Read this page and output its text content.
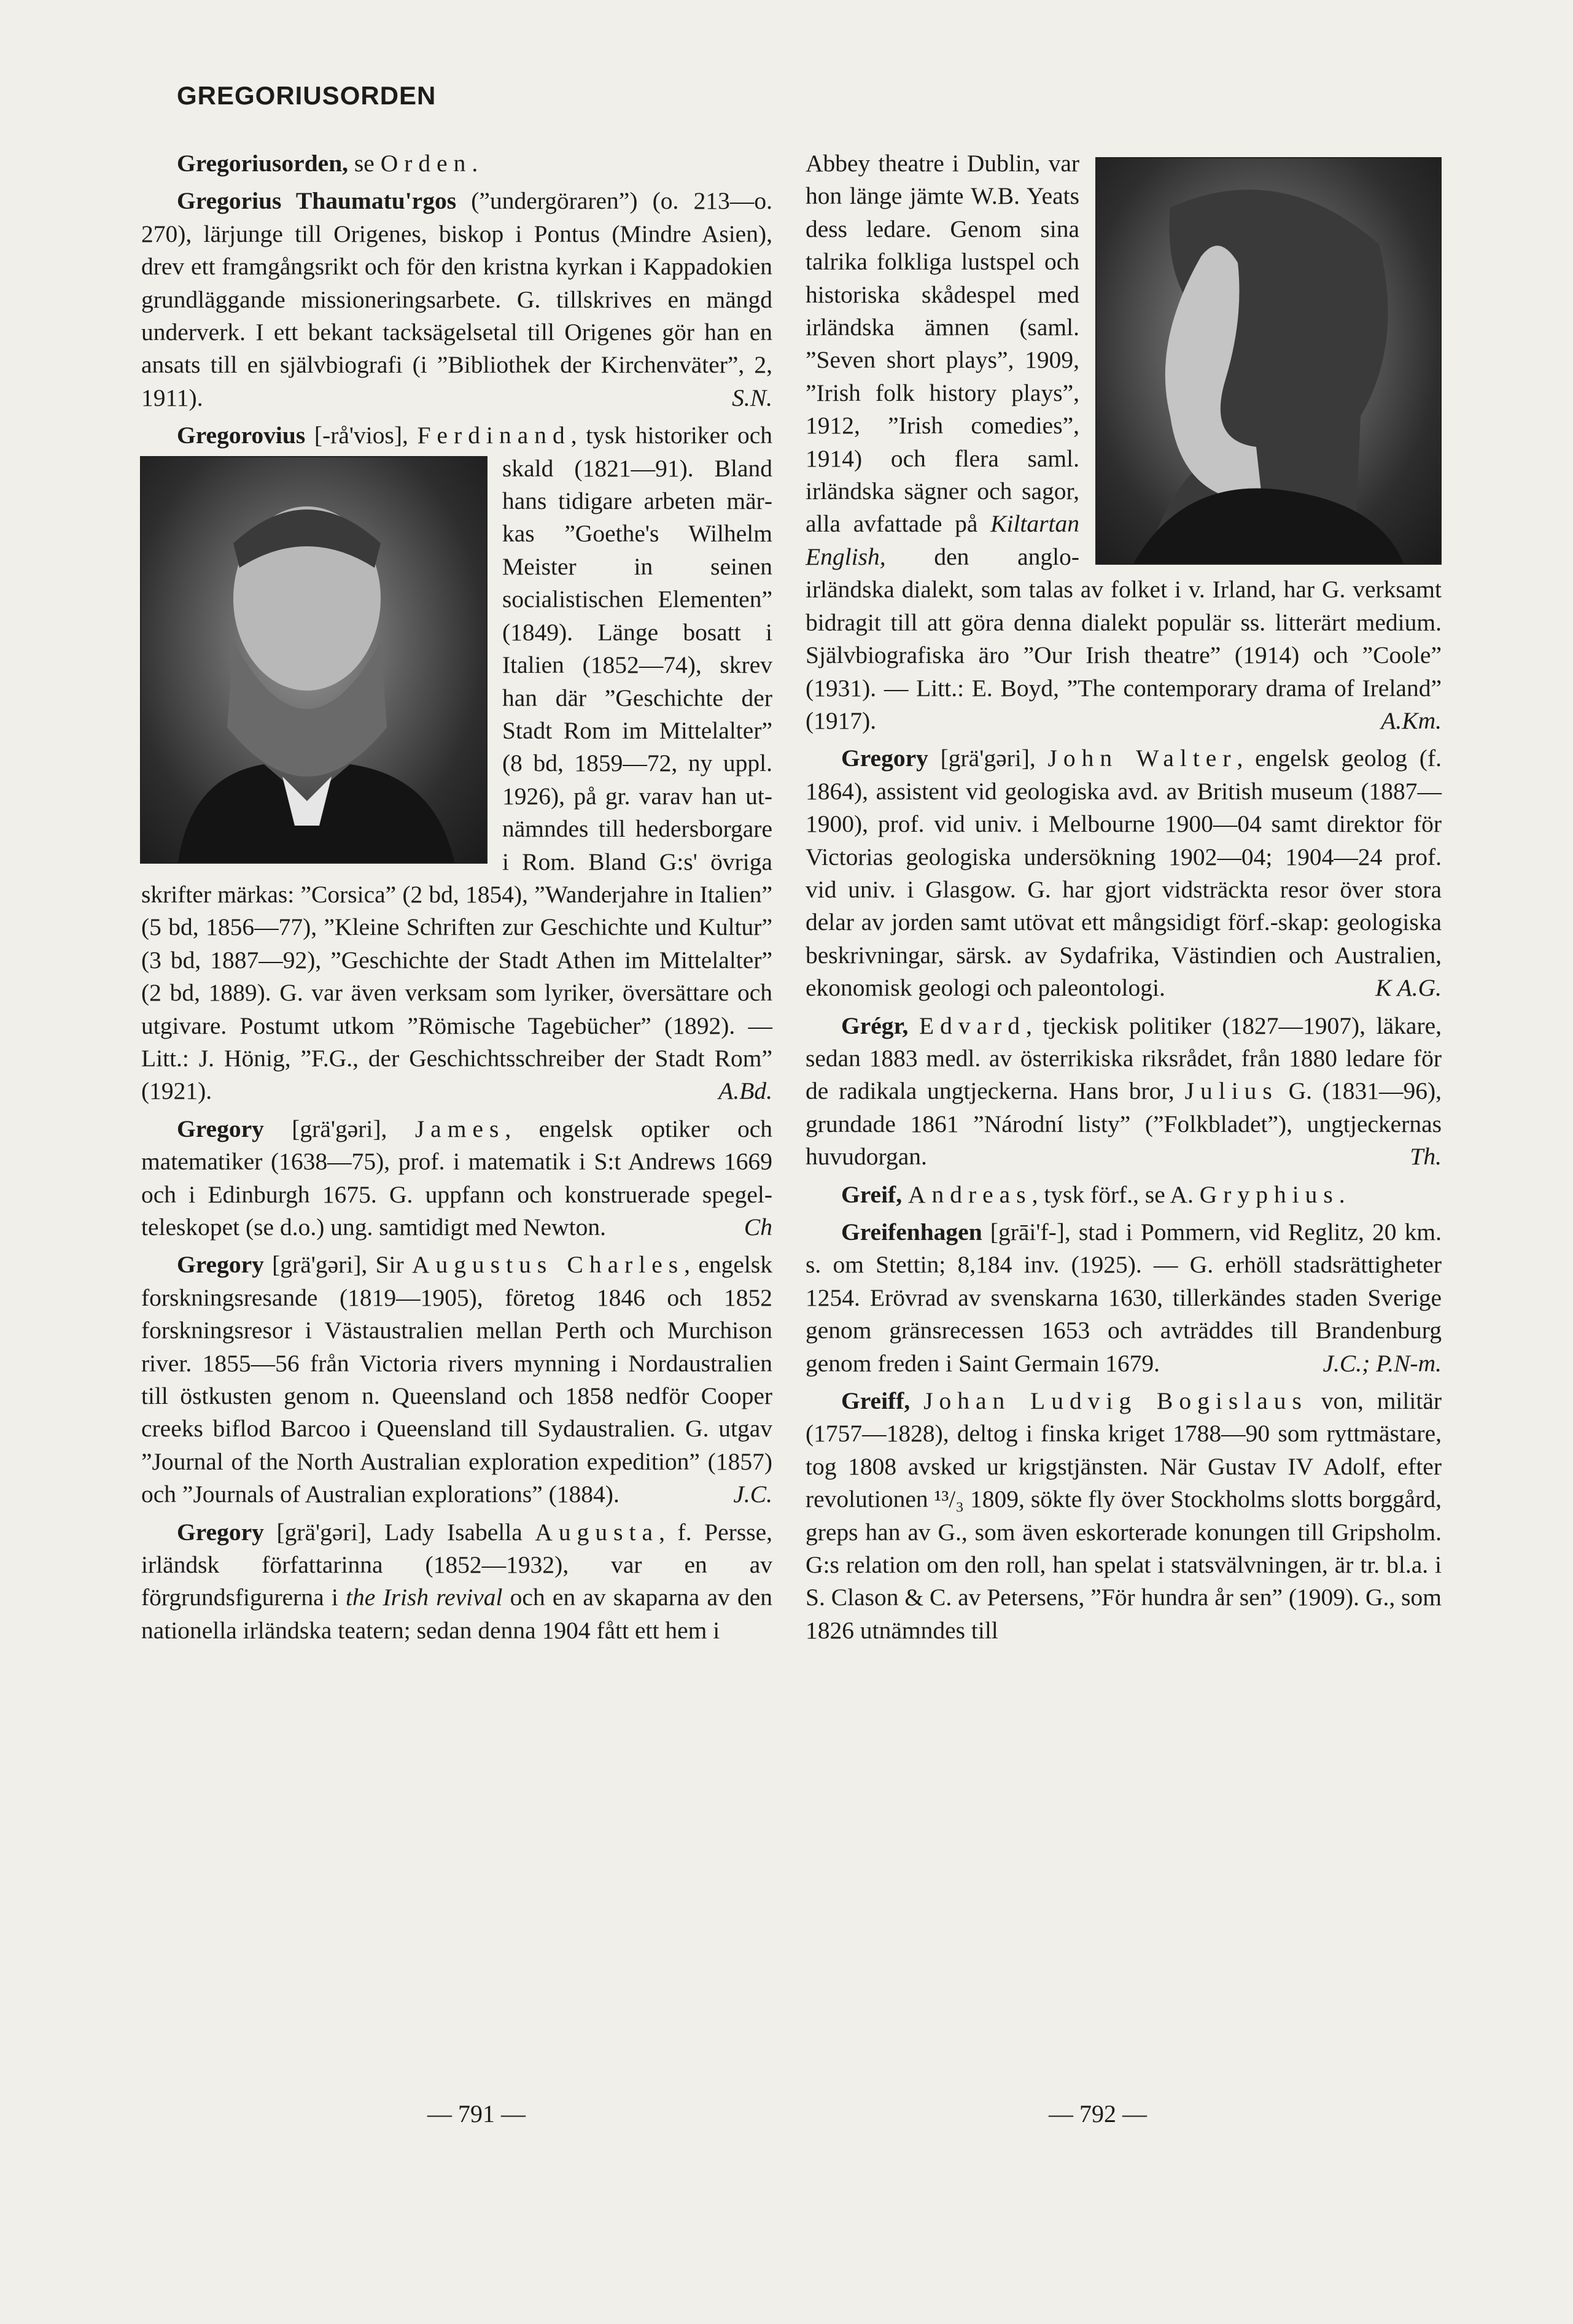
GREGORIUSORDEN

Gregoriusorden, se Orden.

Gregorius Thaumatu'rgos (”undergöraren”) (o. 213—o. 270), lärjunge till Origenes, biskop i Pontus (Mindre Asien), drev ett framgångsrikt och för den kristna kyrkan i Kappadokien grundläggande missioneringsarbete. G. tillskrives en mängd underverk. I ett bekant tacksägelsetal till Origenes gör han en ansats till en självbiografi (i ”Bibliothek der Kirchenväter”, 2, 1911).	S.N.

Gregorovius [-rå'vios], Ferdinand
, tysk historiker och skald (1821—91). Bland hans tidigare arbeten märkas ”Goethe's Wilhelm Meister in seinen socialistischen Elementen” (1849). Länge bosatt i Italien (1852—74), skrev han där ”Geschichte der Stadt Rom im Mittelalter” (8 bd, 1859—72, ny uppl. 1926), på gr. varav han utnämndes till hedersborgare i Rom. Bland G:s' övriga skrifter märkas: ”Corsica” (2 bd, 1854), ”Wanderjahre in Italien” (5 bd, 1856—77), ”Kleine Schriften zur Geschichte und Kultur” (3 bd, 1887—92), ”Geschichte der Stadt Athen im Mittelalter” (2 bd, 1889). G. var även verksam som lyriker, översättare och utgivare. Postumt utkom ”Römische Tagebücher” (1892). — Litt.: J. Hönig, ”F.G., der Geschichtsschreiber der Stadt Rom” (1921).	A.Bd.

Gregory [grä'gəri], James, engelsk optiker och matematiker (1638—75), prof. i matematik i S:t Andrews 1669 och i Edinburgh 1675. G. uppfann och konstruerade spegelteleskopet (se d.o.) ung. samtidigt med Newton.	Ch

Gregory [grä'gəri], Sir Augustus Charles, engelsk forskningsresande (1819—1905), företog 1846 och 1852 forskningsresor i Västaustralien mellan Perth och Murchison river. 1855—56 från Victoria rivers mynning i Nordaustralien till östkusten genom n. Queensland och 1858 nedför Cooper creeks biflod Barcoo i Queensland till Sydaustralien. G. utgav ”Journal of the North Australian exploration expedition” (1857) och ”Journals of Australian explorations” (1884).	J.C.

Gregory [grä'gəri], Lady Isabella Augusta, f. Persse, irländsk författarinna (1852—1932), var en av förgrundsfigurerna i the Irish revival och en av skaparna av den nationella irländska teatern; sedan denna 1904 fått ett hem i

Abbey theatre i Dublin, var hon länge jämte W.B. Yeats dess ledare. Genom sina talrika folkliga lustspel och historiska skådespel med irländska ämnen (saml. ”Seven short plays”, 1909, ”Irish folk history plays”, 1912, ”Irish comedies”, 1914) och flera saml. irländska sägner och sagor, alla avfattade på Kiltartan English, den anglo-irländska dialekt, som talas av folket i v. Irland, har G. verksamt bidragit till att göra denna dialekt populär ss. litterärt medium. Självbiografiska äro ”Our Irish theatre” (1914) och ”Coole” (1931). — Litt.: E. Boyd, ”The contemporary drama of Ireland” (1917).	A.Km.

Gregory [grä'gəri], John Walter, engelsk geolog (f. 1864), assistent vid geologiska avd. av British museum (1887—1900), prof. vid univ. i Melbourne 1900—04 samt direktor för Victorias geologiska undersökning 1902—04; 1904—24 prof. vid univ. i Glasgow. G. har gjort vidsträckta resor över stora delar av jorden samt utövat ett mångsidigt förf.-skap: geologiska beskrivningar, särsk. av Sydafrika, Västindien och Australien, ekonomisk geologi och paleontologi.	K A.G.

Grégr, Edvard, tjeckisk politiker (1827—1907), läkare, sedan 1883 medl. av österrikiska riksrådet, från 1880 ledare för de radikala ungtjeckerna. Hans bror, Julius G. (1831—96), grundade 1861 ”Národní listy” (”Folkbladet”), ungtjeckernas huvudorgan.	Th.

Greif, Andreas, tysk förf., se A. Gryphius.

Greifenhagen [grāi'f-], stad i Pommern, vid Reglitz, 20 km. s. om Stettin; 8,184 inv. (1925). — G. erhöll stadsrättigheter 1254. Erövrad av svenskarna 1630, tillerkändes staden Sverige genom gränsrecessen 1653 och avträddes till Brandenburg genom freden i Saint Germain 1679.	J.C.; P.N-m.

Greiff, Johan Ludvig Bogislaus von, militär (1757—1828), deltog i finska kriget 1788—90 som ryttmästare, tog 1808 avsked ur krigstjänsten. När Gustav IV Adolf, efter revolutionen ¹³/₃ 1809, sökte fly över Stockholms slotts borggård, greps han av G., som även eskorterade konungen till Gripsholm. G:s relation om den roll, han spelat i statsvälvningen, är tr. bl.a. i S. Clason & C. av Petersens, ”För hundra år sen” (1909). G., som 1826 utnämndes till

— 791 —	— 792 —
